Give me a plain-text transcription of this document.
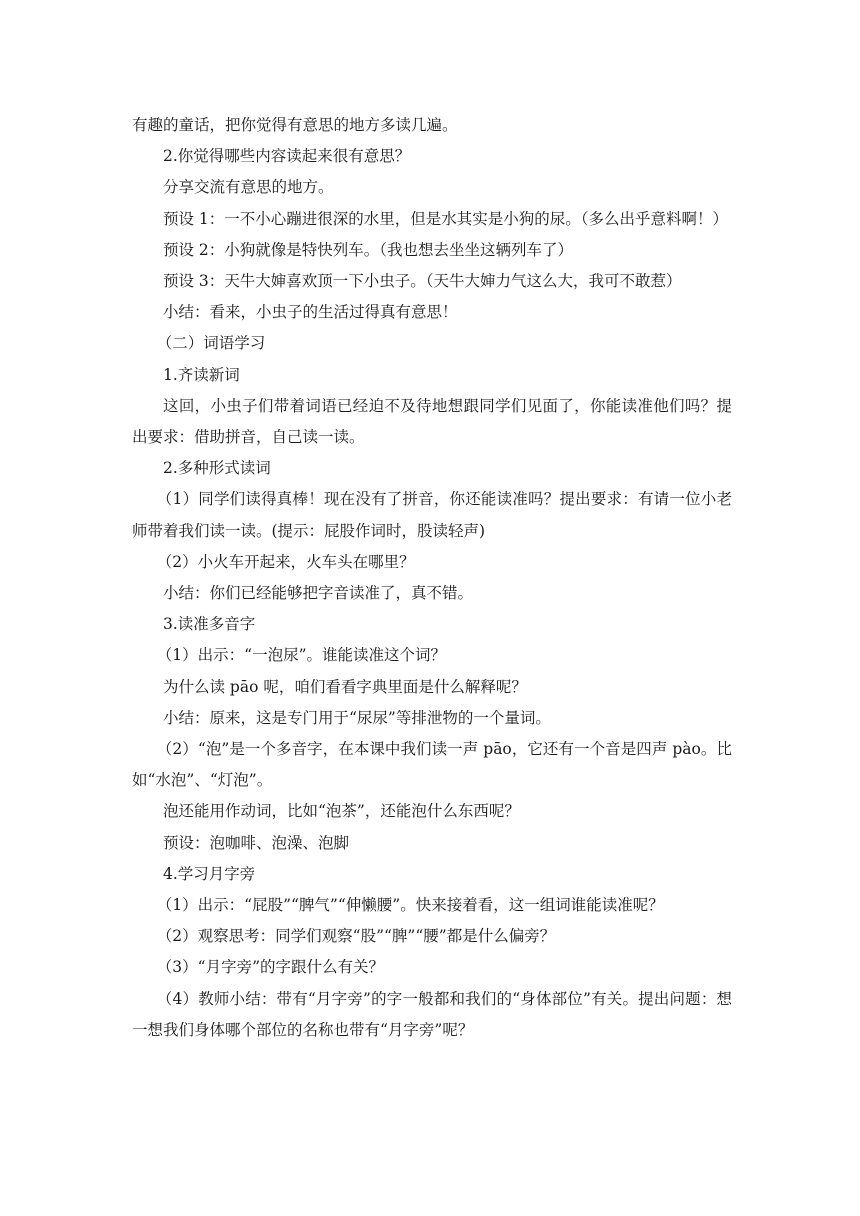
有趣的童话，把你觉得有意思的地方多读几遍。

2.你觉得哪些内容读起来很有意思？

分享交流有意思的地方。

预设 1：一不小心蹦进很深的水里，但是水其实是小狗的尿。（多么出乎意料啊！）

预设 2：小狗就像是特快列车。（我也想去坐坐这辆列车了）

预设 3：天牛大婶喜欢顶一下小虫子。（天牛大婶力气这么大，我可不敢惹）

小结：看来，小虫子的生活过得真有意思！

（二）词语学习

1.齐读新词

这回，小虫子们带着词语已经迫不及待地想跟同学们见面了，你能读准他们吗？提出要求：借助拼音，自己读一读。

2.多种形式读词

（1）同学们读得真棒！现在没有了拼音，你还能读准吗？提出要求：有请一位小老师带着我们读一读。(提示：屁股作词时，股读轻声)

（2）小火车开起来，火车头在哪里？

小结：你们已经能够把字音读准了，真不错。

3.读准多音字

（1）出示：“一泡尿”。谁能读准这个词？

为什么读 pāo 呢，咱们看看字典里面是什么解释呢？

小结：原来，这是专门用于“尿尿”等排泄物的一个量词。

（2）“泡”是一个多音字，在本课中我们读一声 pāo，它还有一个音是四声 pào。比如“水泡”、“灯泡”。

泡还能用作动词，比如“泡茶”，还能泡什么东西呢？

预设：泡咖啡、泡澡、泡脚

4.学习月字旁

（1）出示：“屁股”“脾气”“伸懒腰”。快来接着看，这一组词谁能读准呢？

（2）观察思考：同学们观察“股”“脾”“腰”都是什么偏旁？

（3）“月字旁”的字跟什么有关？

（4）教师小结：带有“月字旁”的字一般都和我们的“身体部位”有关。提出问题：想一想我们身体哪个部位的名称也带有“月字旁”呢？
